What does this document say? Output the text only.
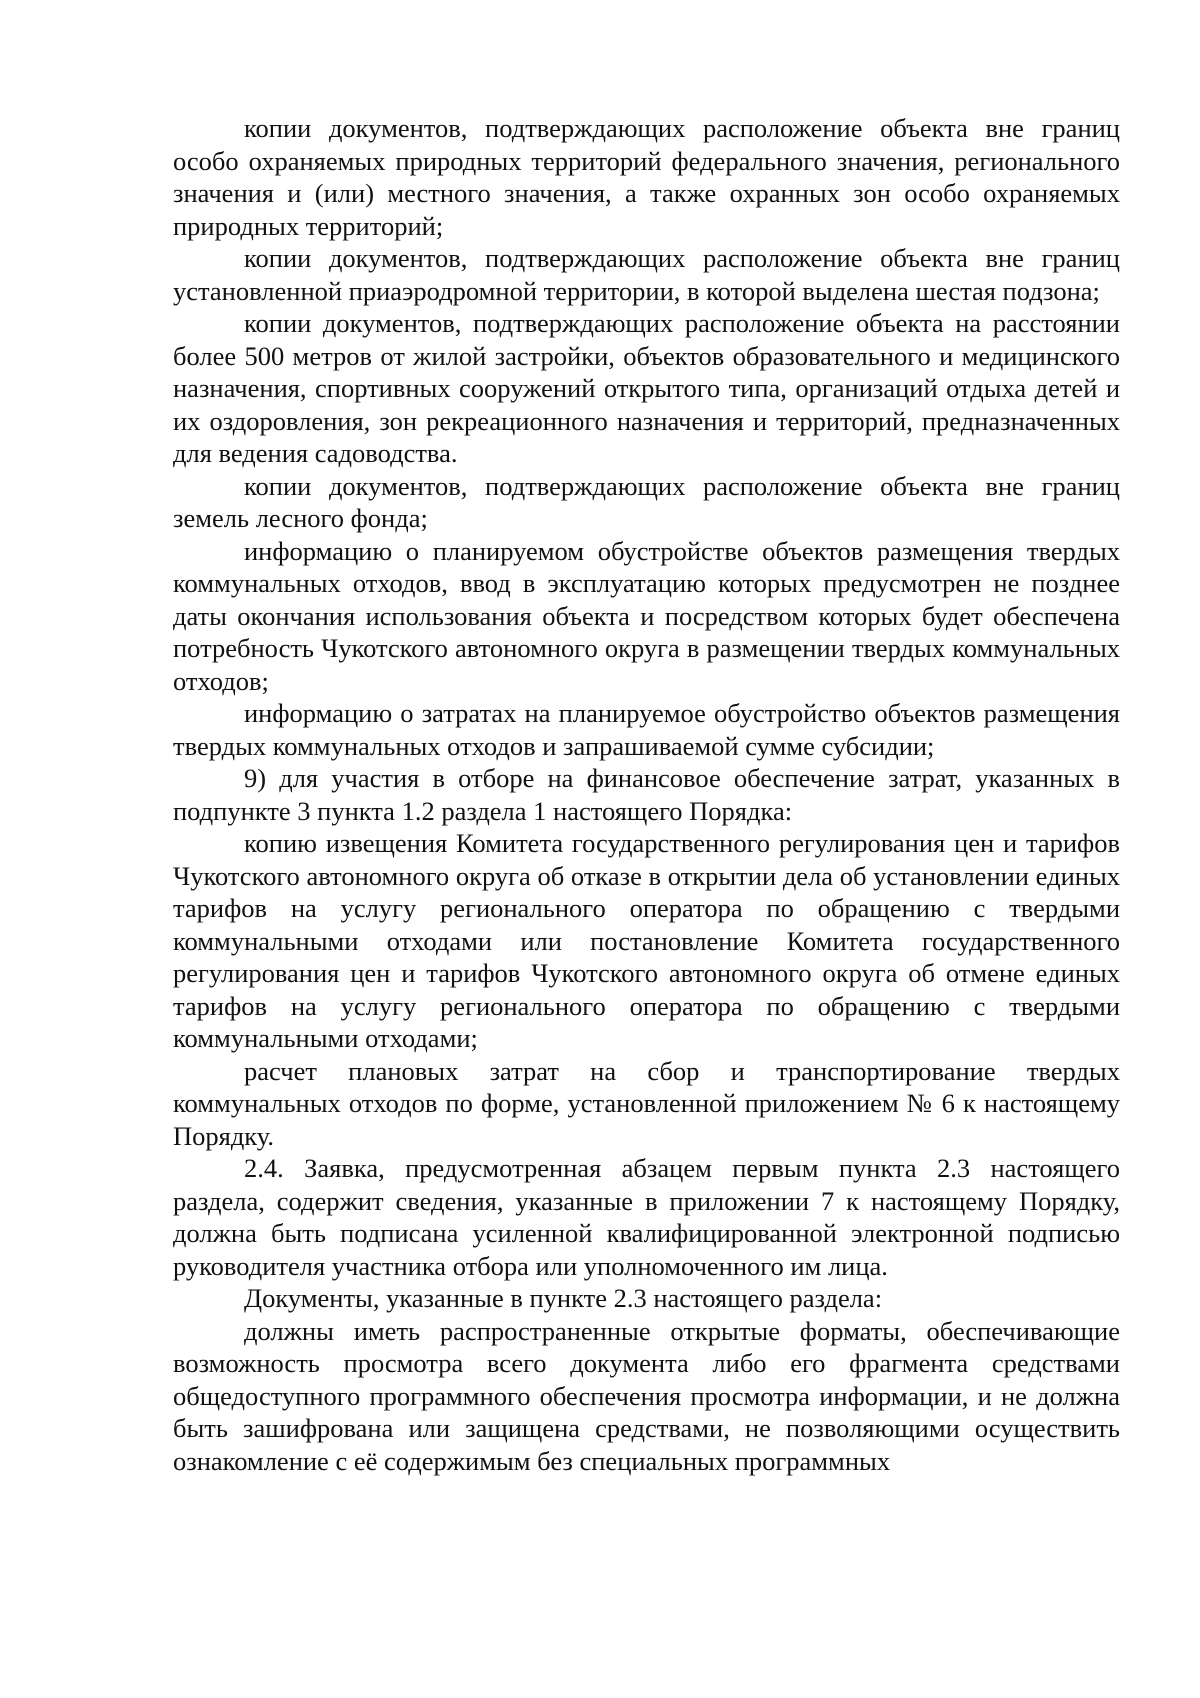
копии документов, подтверждающих расположение объекта вне границ особо охраняемых природных территорий федерального значения, регионального значения и (или) местного значения, а также охранных зон особо охраняемых природных территорий;

копии документов, подтверждающих расположение объекта вне границ установленной приаэродромной территории, в которой выделена шестая подзона;

копии документов, подтверждающих расположение объекта на расстоянии более 500 метров от жилой застройки, объектов образовательного и медицинского назначения, спортивных сооружений открытого типа, организаций отдыха детей и их оздоровления, зон рекреационного назначения и территорий, предназначенных для ведения садоводства.

копии документов, подтверждающих расположение объекта вне границ земель лесного фонда;

информацию о планируемом обустройстве объектов размещения твердых коммунальных отходов, ввод в эксплуатацию которых предусмотрен не позднее даты окончания использования объекта и посредством которых будет обеспечена потребность Чукотского автономного округа в размещении твердых коммунальных отходов;

информацию о затратах на планируемое обустройство объектов размещения твердых коммунальных отходов и запрашиваемой сумме субсидии;

9) для участия в отборе на финансовое обеспечение затрат, указанных в подпункте 3 пункта 1.2 раздела 1 настоящего Порядка:

копию извещения Комитета государственного регулирования цен и тарифов Чукотского автономного округа об отказе в открытии дела об установлении единых тарифов на услугу регионального оператора по обращению с твердыми коммунальными отходами или постановление Комитета государственного регулирования цен и тарифов Чукотского автономного округа об отмене единых тарифов на услугу регионального оператора по обращению с твердыми коммунальными отходами;

расчет плановых затрат на сбор и транспортирование твердых коммунальных отходов по форме, установленной приложением № 6 к настоящему Порядку.

2.4. Заявка, предусмотренная абзацем первым пункта 2.3 настоящего раздела, содержит сведения, указанные в приложении 7 к настоящему Порядку, должна быть подписана усиленной квалифицированной электронной подписью руководителя участника отбора или уполномоченного им лица.

Документы, указанные в пункте 2.3 настоящего раздела:

должны иметь распространенные открытые форматы, обеспечивающие возможность просмотра всего документа либо его фрагмента средствами общедоступного программного обеспечения просмотра информации, и не должна быть зашифрована или защищена средствами, не позволяющими осуществить ознакомление с её содержимым без специальных программных
